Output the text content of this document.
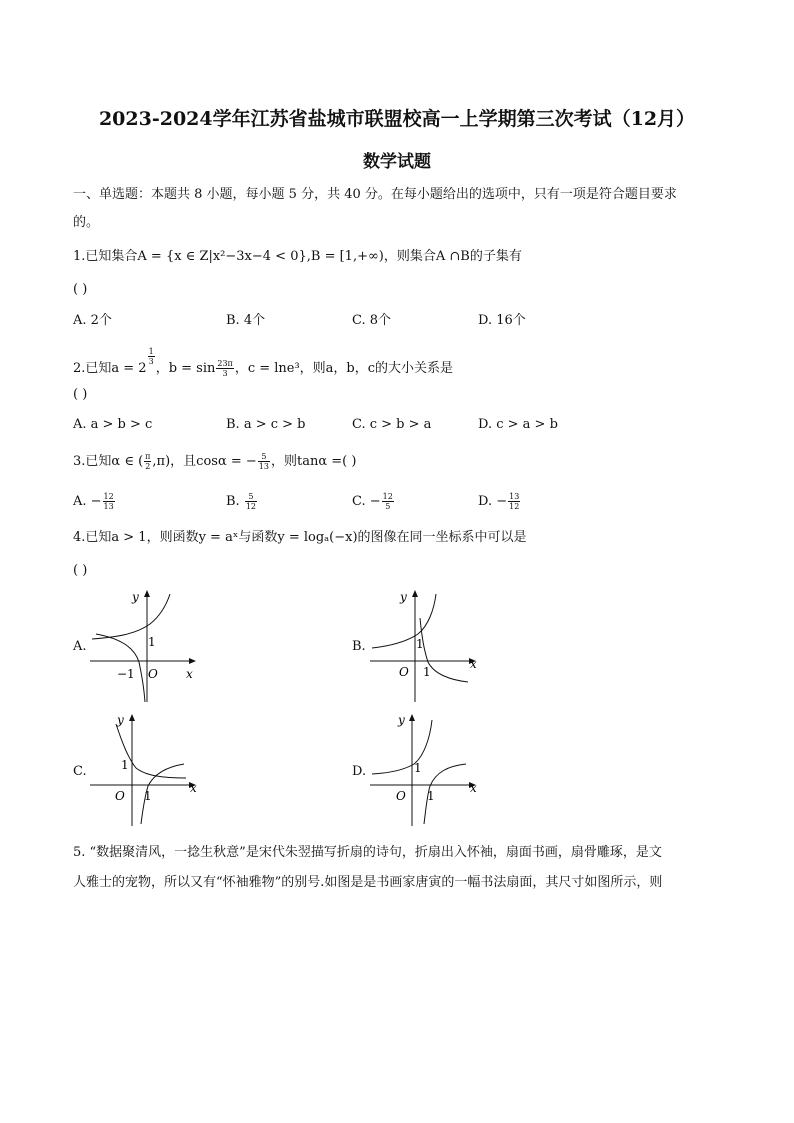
2023-2024学年江苏省盐城市联盟校高一上学期第三次考试（12月）
数学试题
一、单选题：本题共 8 小题，每小题 5 分，共 40 分。在每小题给出的选项中，只有一项是符合题目要求
的。
1.已知集合A = {x ∈ Z|x²−3x−4 < 0},B = [1,+∞)，则集合A ∩B的子集有
( )
A. 2个	B. 4个	C. 8个	D. 16个
2.已知a = 2
$\frac{1}{3}$
，$b = \sin \frac{23\pi}{3}$ ，c = lne³，则a，b，c的大小关系是
( )
A. a > b > c	B. a > c > b	C. c > b > a	D. c > a > b
3.已知α ∈ ( $\frac{\pi}{2} ,\pi$)，且cosα = − $\frac{5}{13}$ ，则tanα =( )
A. − $\frac{12}{13}$	B. $\frac{5}{12}$	C. − $\frac{12}{5}$	D. − $\frac{13}{12}$
4.已知a > 1，则函数y = aˣ与函数y = logₐ(−x)的图像在同一坐标系中可以是
( )
A.	B.
C.	D.
y
x
O
1
−1
y
x
O
1
1
y
x
O
1
1
y
x
O
1
1
5. “数据聚清风，一捻生秋意”是宋代朱翌描写折扇的诗句，折扇出入怀袖，扇面书画，扇骨雕琢，是文
人雅士的宠物，所以又有“怀袖雅物”的别号.如图是是书画家唐寅的一幅书法扇面，其尺寸如图所示，则
